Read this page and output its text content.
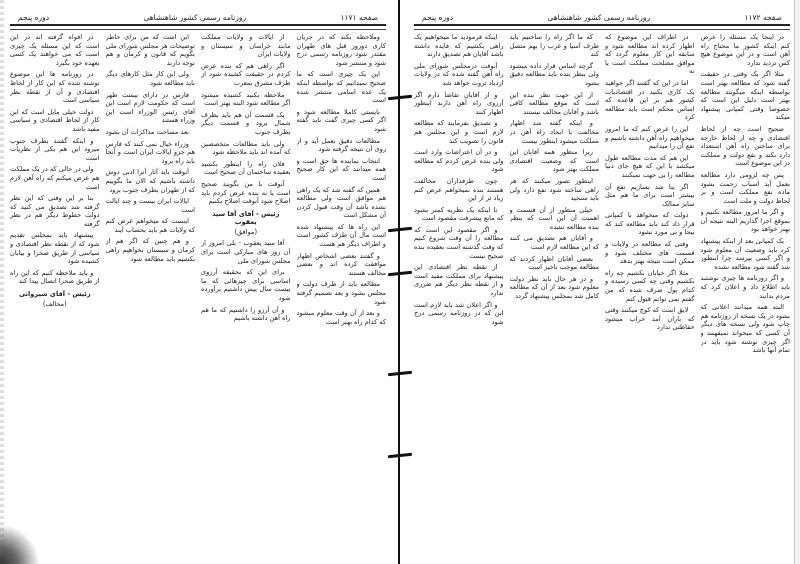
صفحه ۱۱۷۲
روزنامه رسمی کشور شاهنشاهی
دوره پنجم

در اینجا یک مسئله را عرض کنم اینکه کشور ما محتاج راه آهن است و در این موضوع هیچ کس تردید ندارد

مثلا اگر یک وقتی در حقیقت گفته شود که مطالعه بهتر است بواسطه اینکه میگویند مطالعه بهتر است دلیل این است که خصوصا وقتی کمپانی پیشنهاد میکند

صحیح است چه از لحاظ اقتصادی و چه از لحاظ خارجه برای ساختن راه آهن استعداد دارد بکند و نفع دولت و مملکت در این موضوع است

پس چه لزومی دارد مطالعه بعمل آید اسباب زحمت بشود ماده نفع مملکت است و بر لحاظ دولت و ملت است

و اگر ما امروز مطالعه نکنیم و بموقع اجرا گذاریم البته نتیجه آن بهتر خواهد بود

یک کمپانی بعد از اینکه پیشنهاد کرد باید وضعیت آن معلوم شود و اگر کسی بپرسد چرا اینطور شد گفته شود مطالعه نشده

و اگر روزنامه ها چیزی نوشتند باید اطلاع داد و اعلان کرد که مردم بدانند

البته همه میدانند اعلانی که بشود در یک نسخه از روزنامه هم چاپ شود ولی نسخه های دیگر آن کسی که میخواند نمیفهمد و اگر چیزی نوشته شود باید در تمام آنها باشد

در اطراف این موضوع که اظهار کرده اند مطالعه شود و سابقه این کار معلوم گردد که موافق مصلحت مملکت است یا نه

اما در این که گفتند اگر خواهید یک کاری بکنید در اقتصادیات کشور هم بر این قاعده که اساس محکم است باید مطالعه کرد

این را عرض کنم که ما امروز میخواهیم راه آهن داشته باشیم و نفع آن را میدانیم

این هم که مدت مطالعه طول میکشد با این که هیچ جای دنیا مطالعه را بی جهت نمیکنند

اگر بنا شد بسازیم نفع آن بیشتر است برای ما هم مثل سایر ممالک

دولت که میخواهد با کمپانی قرار داد کند باید مطالعه کند که بیجا و بی مورد نشود

وقتی که مطالعه در ولایات و قسمت های مختلف شود و ممکن است نتیجه بهتر بدهد

مثلا اگر خیابان بکشیم چه راه بکشیم وقتی چه کسی رسیده و کدام پول صرف شده که من گفتم نمی توانم قبول کنم

لایق است که کوچ میکنند وقتی که باران آمد خراب میشود حفاظتی ندارد

که ما اگر راه را ساختیم باید طرف آسیا و غرب را بهم متصل کند

گرچه اساس قرار داده میشود ولی بنظر بنده باید مطالعه دقیق بشود

از این جهت نظر بنده این است که موقع مطالعه کافی باشد و آقایان مخالف نیستند

و اینکه گفته شد اظهار مخالفت با ایجاد راه آهن در مملکت میشود اینطور نیست

زیرا منظور همه آقایان این است که وضعیت اقتصادی مملکت بهتر شود

اینطور تصور میکنند که هر راهی ساخته شود نفع دارد ولی باید سنجید

خیلی منظور از آن قسمت و اهمیت آن این است که بنظر بنده مطالعه نشده

و آقایان هم تصدیق می کنند که این مطالعه لازم است

بعضی آقایان اظهار کردند که مطالعه موجب تاخیر است

و در هر حال باید نظر دولت معلوم شود بعد از آن که مطالعه کامل شد بمجلس پیشنهاد گردد

اینکه فرمودید ما میخواهیم یک راهی بکشیم که فایده داشته باشد آقایان هم تصدیق دارند

آنوقت درمجلس شورای ملی راه آهن گفته شده که در ولایات ازدیاد ثروت خواهد شد

و از آقایان تقاضا دارم اگر آرزوی راه آهن دارند اینطور اظهار کنند

و تصدیق بفرمایند که مطالعه لازم است و این مجلس هم قانون را تصویب کند

و در آن اعتراضات وارد است ولی بنده عرض کردم که مطالعه شود

چون طرفداران مخالفت هستند بنده نمیخواهم عرض کنم زیاد تر از این

تا اینکه یک نظریه کمتر بشود که مانع پیشرفت مقصود است

و اگر مقصود این است که مطالعه را آن وقت شروع کنیم که وقت گذشته است بعقیده بنده صحیح نیست

از نقطه نظر اقتصادی این پیشنهاد برای مملکت مفید است و از نقطه نظر دیگر هم ضرری ندارد

و اگر اعلان شد باید لازم است این که در روزنامه رسمی درج شود

صفحه ۱۱۷۱
روزنامه رسمی کشور شاهنشاهی
دوره پنجم

وملاحظه بکند که در جریان کاری دوروز قبل های طهران مقتدر شود روزنامه رسمی درج شود و منتشر شود

این یک چیزی است که ما صحیح نمیدانیم که بواسطه اینکه یک عده اسامی منتشر شده است

بایستی کاملا مطالعه شود و اگر کسی چیزی گفت باید گفته شود

مطالعات دقیق بعمل آید و از روی آن نتیجه گرفته شود

انتخاب نماینده ها حق است و همه میدانند که این کار صحیح است

همین که گفته شد که یک راهی هم موافق است ولی مطالعه نشده باشد آن وقت قبول کردن آن مشکل است

این راه ها که پیشنهاد شده است مال آن طرف کشور است و اطراف دیگر هم هست

و گفتند بعضی اشخاص اظهار موافقت کرده اند و بعضی مخالف هستند

مطالعه باید از طرف دولت و مجلس بشود و بعد تصمیم گرفته شود

و بعد از آن وقت معلوم میشود که کدام راه بهتر است

از ایالات و ولایات مملکت مانند خراسان و سیستان و ولایات ایران

اگر راهی هم که بنده عرض کردم در حقیقت کشیده شود از طرف مشرق بمغرب

ملاحظه بکنید کشیده میشود اگر مطالعه شود البته بهتر است

یک قسمت آن هم باید بطرف شمال برود و قسمت دیگر بطرف جنوب

ولی باید مطالعات متخصصین که آمده اند باید ملاحظه شود

فلان راه را اینطور بکشید بعقیده ساختمان آن صحیح است

آنوقت با من بگویند صحیح است یا نه بنده عرض کردم باید اصلاح شود آنوقت اصلاح بکنیم

رئیس - آقای آقا سید یعقوب

(موافق)

آقا سید یعقوب - بلی امروز از آن روز های مبارکی است برای مجلس شورای ملی

برای این که بحقیقه آرزوی اساسی برای چیزهائی که ما بیست سال پیش داشتیم برآورده شود

و آن آرزو را داشتیم که ما هم راه آهن داشته باشیم

این است که من برای خاطر توضیحات هر مجلس شورای ملی بگویم که قانون و کرمان و هم توجه دارند

ولی این کار مثل کارهای دیگر باید مطالعه شود

فارس در دارای بیست ظهر است که حکومت لازم است این آقای رئیس الوزراء است این وزراء هستند

بعد مساحت مذاکرات آن بشود

وزراء خیال نمی کنند که فارس هم جزو ایالات ایران است و آنجا باید راه برود

آنوقت باید آثار آنرا ادبی دوش داشته باشیم که الان ما بگوییم که از طهران بطرف جنوب برود

ایالات ایران بیست و چند ایالت است

اینست که میخواهم عرض کنم که ولایات هم باید بحساب آیند

و هم چنین که اگر هم از کرمان و سیستان بخواهیم راهی بکشیم باید مطالعه شود

در افواه گرفته اند در این است که این مسئله یک چیزی است که می خواهند یک کسی بعهده خود بگیرد

در روزنامه ها این موضوع نوشته شده که این کار از لحاظ اقتصادی و آن از نقطه نظر سیاسی است

دولت خیلی مایل است که این کار از لحاظ اقتصادی و سیاسی مفید باشد

و اینکه گفتند بطرف جنوب میرود این هم یکی از نظریات است

ولی در حالی که در یک مملکت هم عرض میکنم که راه آهن لازم است

بنا بر این وقتی که این نظر گرفته شد تصدیق می کنید که دولت خطوط دیگر هم در نظر گرفته

پیشنهاد باید بمجلس تقدیم شود که از نقطه نظر اقتصادی و سیاسی از طریق صحرا و بیابان کشیده شود

و باید ملاحظه کنیم که این راه از طریق صحرا اتصال پیدا کند

رئیس - آقای شیروانی

(مخالف)
